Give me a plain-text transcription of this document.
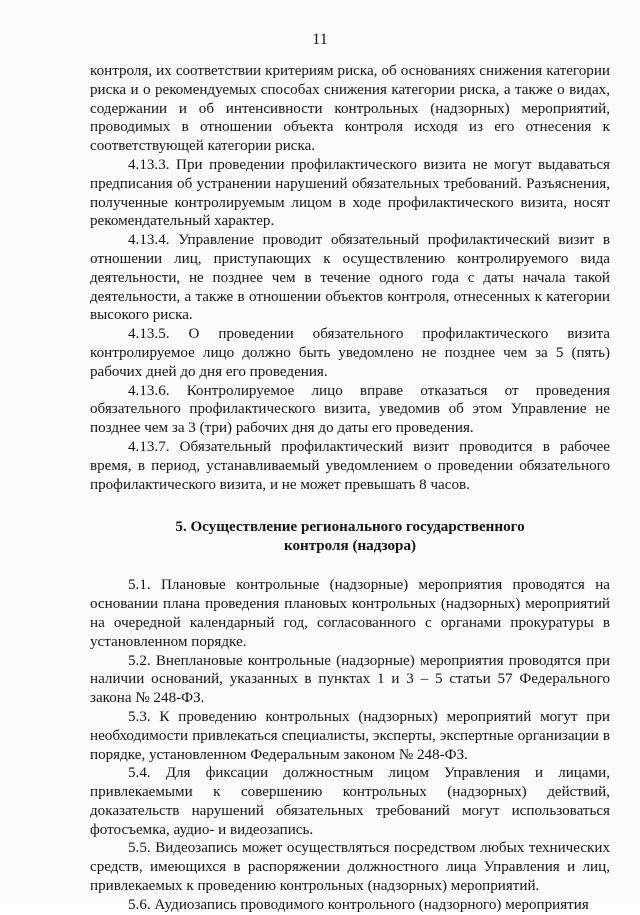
11

контроля, их соответствии критериям риска, об основаниях снижения категории риска и о рекомендуемых способах снижения категории риска, а также о видах, содержании и об интенсивности контрольных (надзорных) мероприятий, проводимых в отношении объекта контроля исходя из его отнесения к соответствующей категории риска.

4.13.3. При проведении профилактического визита не могут выдаваться предписания об устранении нарушений обязательных требований. Разъяснения, полученные контролируемым лицом в ходе профилактического визита, носят рекомендательный характер.

4.13.4. Управление проводит обязательный профилактический визит в отношении лиц, приступающих к осуществлению контролируемого вида деятельности, не позднее чем в течение одного года с даты начала такой деятельности, а также в отношении объектов контроля, отнесенных к категории высокого риска.

4.13.5. О проведении обязательного профилактического визита контролируемое лицо должно быть уведомлено не позднее чем за 5 (пять) рабочих дней до дня его проведения.

4.13.6. Контролируемое лицо вправе отказаться от проведения обязательного профилактического визита, уведомив об этом Управление не позднее чем за 3 (три) рабочих дня до даты его проведения.

4.13.7. Обязательный профилактический визит проводится в рабочее время, в период, устанавливаемый уведомлением о проведении обязательного профилактического визита, и не может превышать 8 часов.

5. Осуществление регионального государственного
контроля (надзора)

5.1. Плановые контрольные (надзорные) мероприятия проводятся на основании плана проведения плановых контрольных (надзорных) мероприятий на очередной календарный год, согласованного с органами прокуратуры в установленном порядке.

5.2. Внеплановые контрольные (надзорные) мероприятия проводятся при наличии оснований, указанных в пунктах 1 и 3 – 5 статьи 57 Федерального закона № 248-ФЗ.

5.3. К проведению контрольных (надзорных) мероприятий могут при необходимости привлекаться специалисты, эксперты, экспертные организации в порядке, установленном Федеральным законом № 248-ФЗ.

5.4. Для фиксации должностным лицом Управления и лицами, привлекаемыми к совершению контрольных (надзорных) действий, доказательств нарушений обязательных требований могут использоваться фотосъемка, аудио- и видеозапись.

5.5. Видеозапись может осуществляться посредством любых технических средств, имеющихся в распоряжении должностного лица Управления и лиц, привлекаемых к проведению контрольных (надзорных) мероприятий.

5.6. Аудиозапись проводимого контрольного (надзорного) мероприятия
